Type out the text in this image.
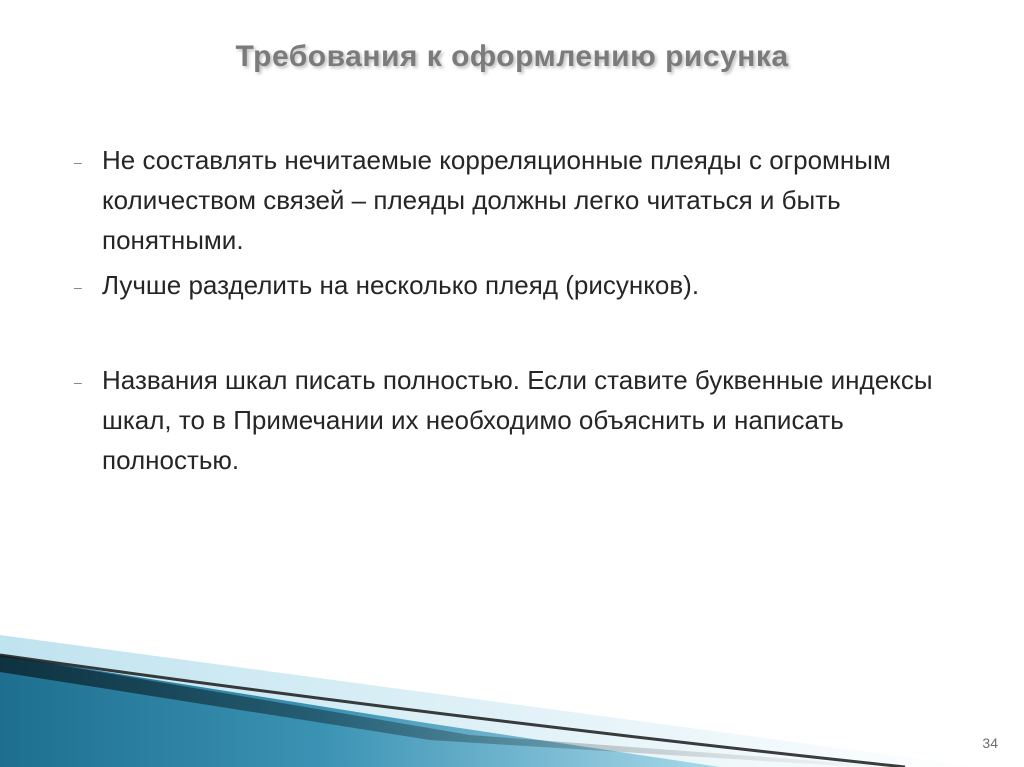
Требования к оформлению рисунка
– Не составлять нечитаемые корреляционные плеяды с огромным количеством связей – плеяды должны легко читаться и быть понятными.
– Лучше разделить на несколько плеяд (рисунков).
– Названия шкал писать полностью. Если ставите буквенные индексы шкал, то в Примечании их необходимо объяснить и написать полностью.
34
